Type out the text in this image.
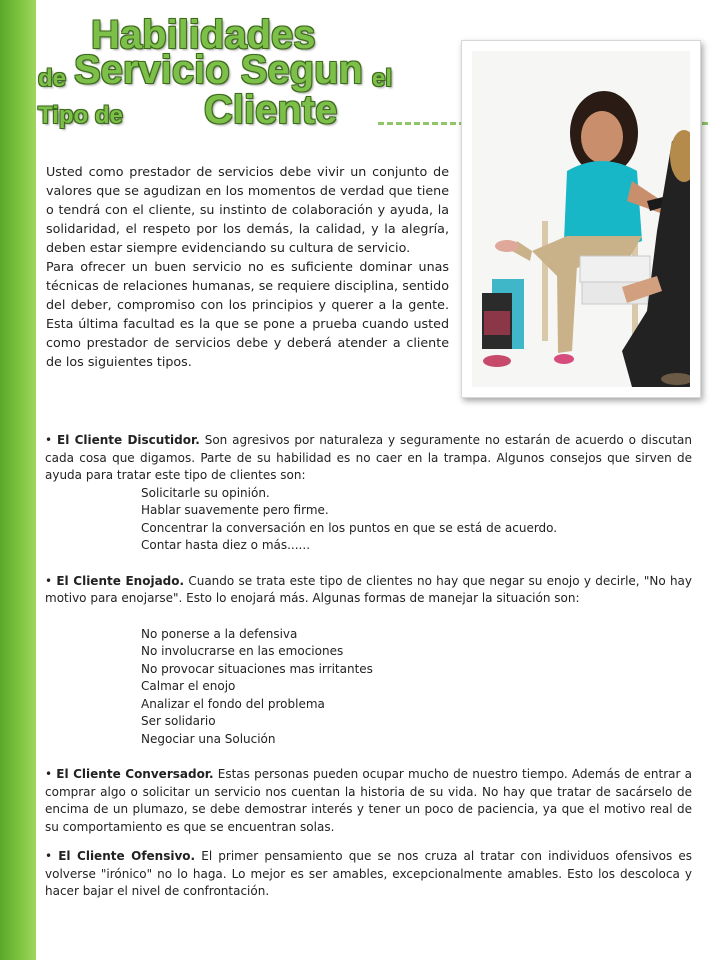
Habilidades
de Servicio Segun el
Tipo de Cliente

Usted como prestador de servicios debe vivir un conjunto de valores que se agudizan en los momentos de verdad que tiene o tendrá con el cliente, su instinto de colaboración y ayuda, la solidaridad, el respeto por los demás, la calidad, y la alegría, deben estar siempre evidenciando su cultura de servicio.

Para ofrecer un buen servicio no es suficiente dominar unas técnicas de relaciones humanas, se requiere disciplina, sentido del deber, compromiso con los principios y querer a la gente. Esta última facultad es la que se pone a prueba cuando usted como prestador de servicios debe y deberá atender a cliente de los siguientes tipos.

• El Cliente Discutidor. Son agresivos por naturaleza y seguramente no estarán de acuerdo o discutan cada cosa que digamos. Parte de su habilidad es no caer en la trampa. Algunos consejos que sirven de ayuda para tratar este tipo de clientes son:

Solicitarle su opinión.
Hablar suavemente pero firme.
Concentrar la conversación en los puntos en que se está de acuerdo.
Contar hasta diez o más......

• El Cliente Enojado. Cuando se trata este tipo de clientes no hay que negar su enojo y decirle, "No hay motivo para enojarse". Esto lo enojará más. Algunas formas de manejar la situación son:

No ponerse a la defensiva
No involucrarse en las emociones
No provocar situaciones mas irritantes
Calmar el enojo
Analizar el fondo del problema
Ser solidario
Negociar una Solución

• El Cliente Conversador. Estas personas pueden ocupar mucho de nuestro tiempo. Además de entrar a comprar algo o solicitar un servicio nos cuentan la historia de su vida. No hay que tratar de sacárselo de encima de un plumazo, se debe demostrar interés y tener un poco de paciencia, ya que el motivo real de su comportamiento es que se encuentran solas.

• El Cliente Ofensivo. El primer pensamiento que se nos cruza al tratar con individuos ofensivos es volverse "irónico" no lo haga. Lo mejor es ser amables, excepcionalmente amables. Esto los descoloca y hacer bajar el nivel de confrontación.
